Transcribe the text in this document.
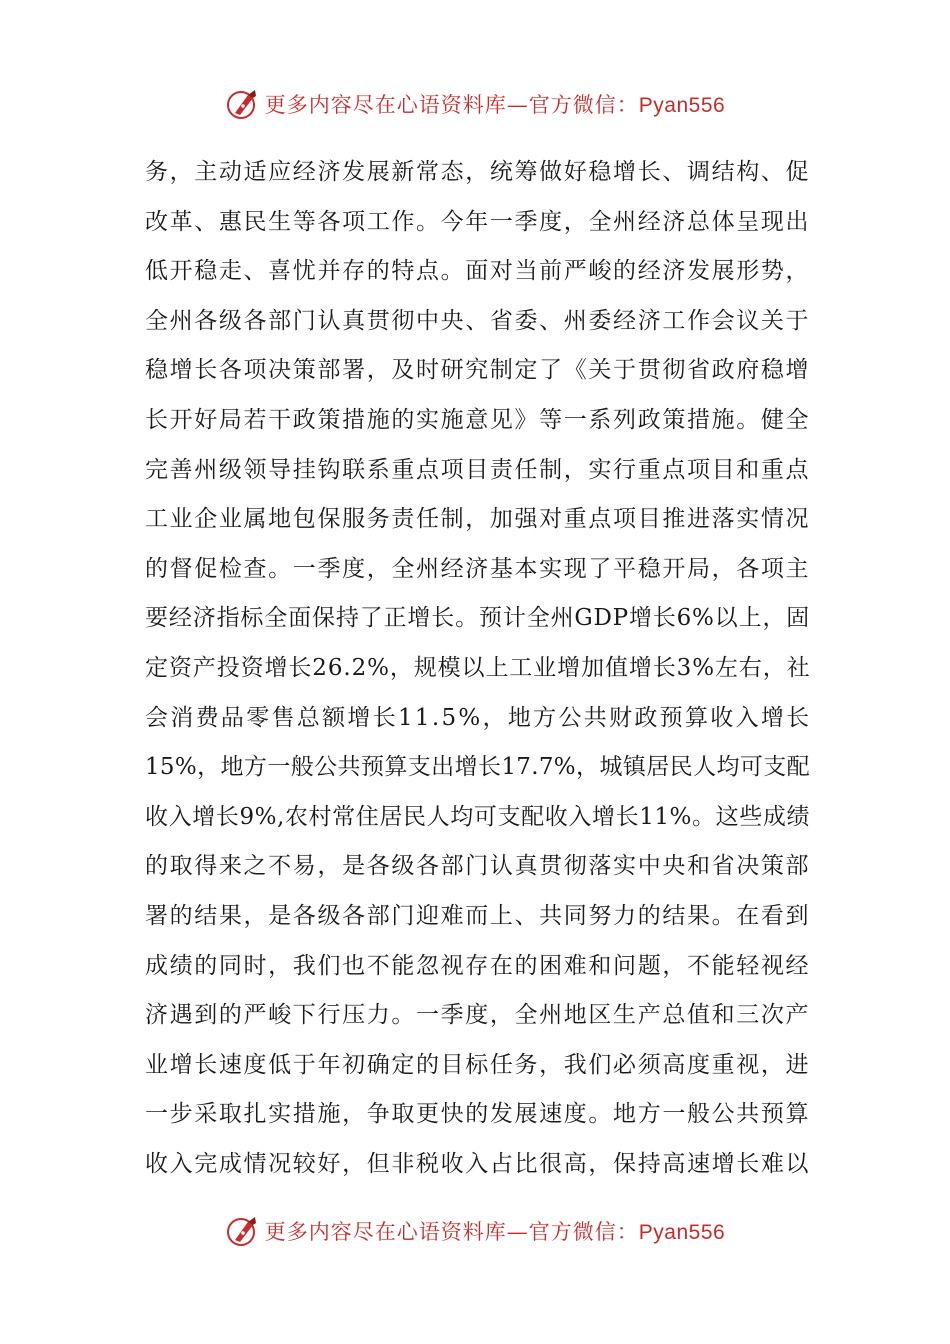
更多内容尽在心语资料库—官方微信：Pyan556
务，主动适应经济发展新常态，统筹做好稳增长、调结构、促
改革、惠民生等各项工作。今年一季度，全州经济总体呈现出
低开稳走、喜忧并存的特点。面对当前严峻的经济发展形势，
全州各级各部门认真贯彻中央、省委、州委经济工作会议关于
稳增长各项决策部署，及时研究制定了《关于贯彻省政府稳增
长开好局若干政策措施的实施意见》等一系列政策措施。健全
完善州级领导挂钩联系重点项目责任制，实行重点项目和重点
工业企业属地包保服务责任制，加强对重点项目推进落实情况
的督促检查。一季度，全州经济基本实现了平稳开局，各项主
要经济指标全面保持了正增长。预计全州GDP增长6%以上，固
定资产投资增长26.2%，规模以上工业增加值增长3%左右，社
会消费品零售总额增长11.5%，地方公共财政预算收入增长
15%，地方一般公共预算支出增长17.7%，城镇居民人均可支配
收入增长9%,农村常住居民人均可支配收入增长11%。这些成绩
的取得来之不易，是各级各部门认真贯彻落实中央和省决策部
署的结果，是各级各部门迎难而上、共同努力的结果。在看到
成绩的同时，我们也不能忽视存在的困难和问题，不能轻视经
济遇到的严峻下行压力。一季度，全州地区生产总值和三次产
业增长速度低于年初确定的目标任务，我们必须高度重视，进
一步采取扎实措施，争取更快的发展速度。地方一般公共预算
收入完成情况较好，但非税收入占比很高，保持高速增长难以
更多内容尽在心语资料库—官方微信：Pyan556
